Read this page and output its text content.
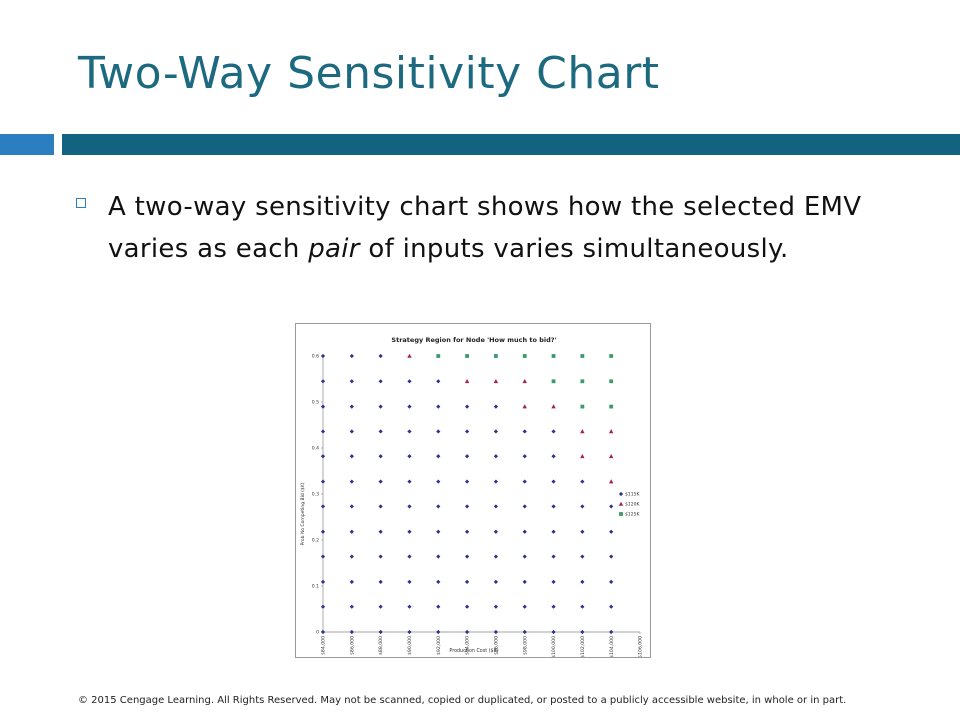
Two-Way Sensitivity Chart
A two-way sensitivity chart shows how the selected EMV varies as each pair of inputs varies simultaneously.
Strategy Region for Node 'How much to bid?'
0
0.1
0.2
0.3
0.4
0.5
0.6
$84,000	$86,000	$88,000	$90,000	$92,000	$94,000	$96,000	$98,000	$100,000	$102,000	$104,000	$106,000
$115K
$120K
$125K
Production Cost ($K)
Prob No Competing Bid ($K)
© 2015 Cengage Learning. All Rights Reserved. May not be scanned, copied or duplicated, or posted to a publicly accessible website, in whole or in part.
